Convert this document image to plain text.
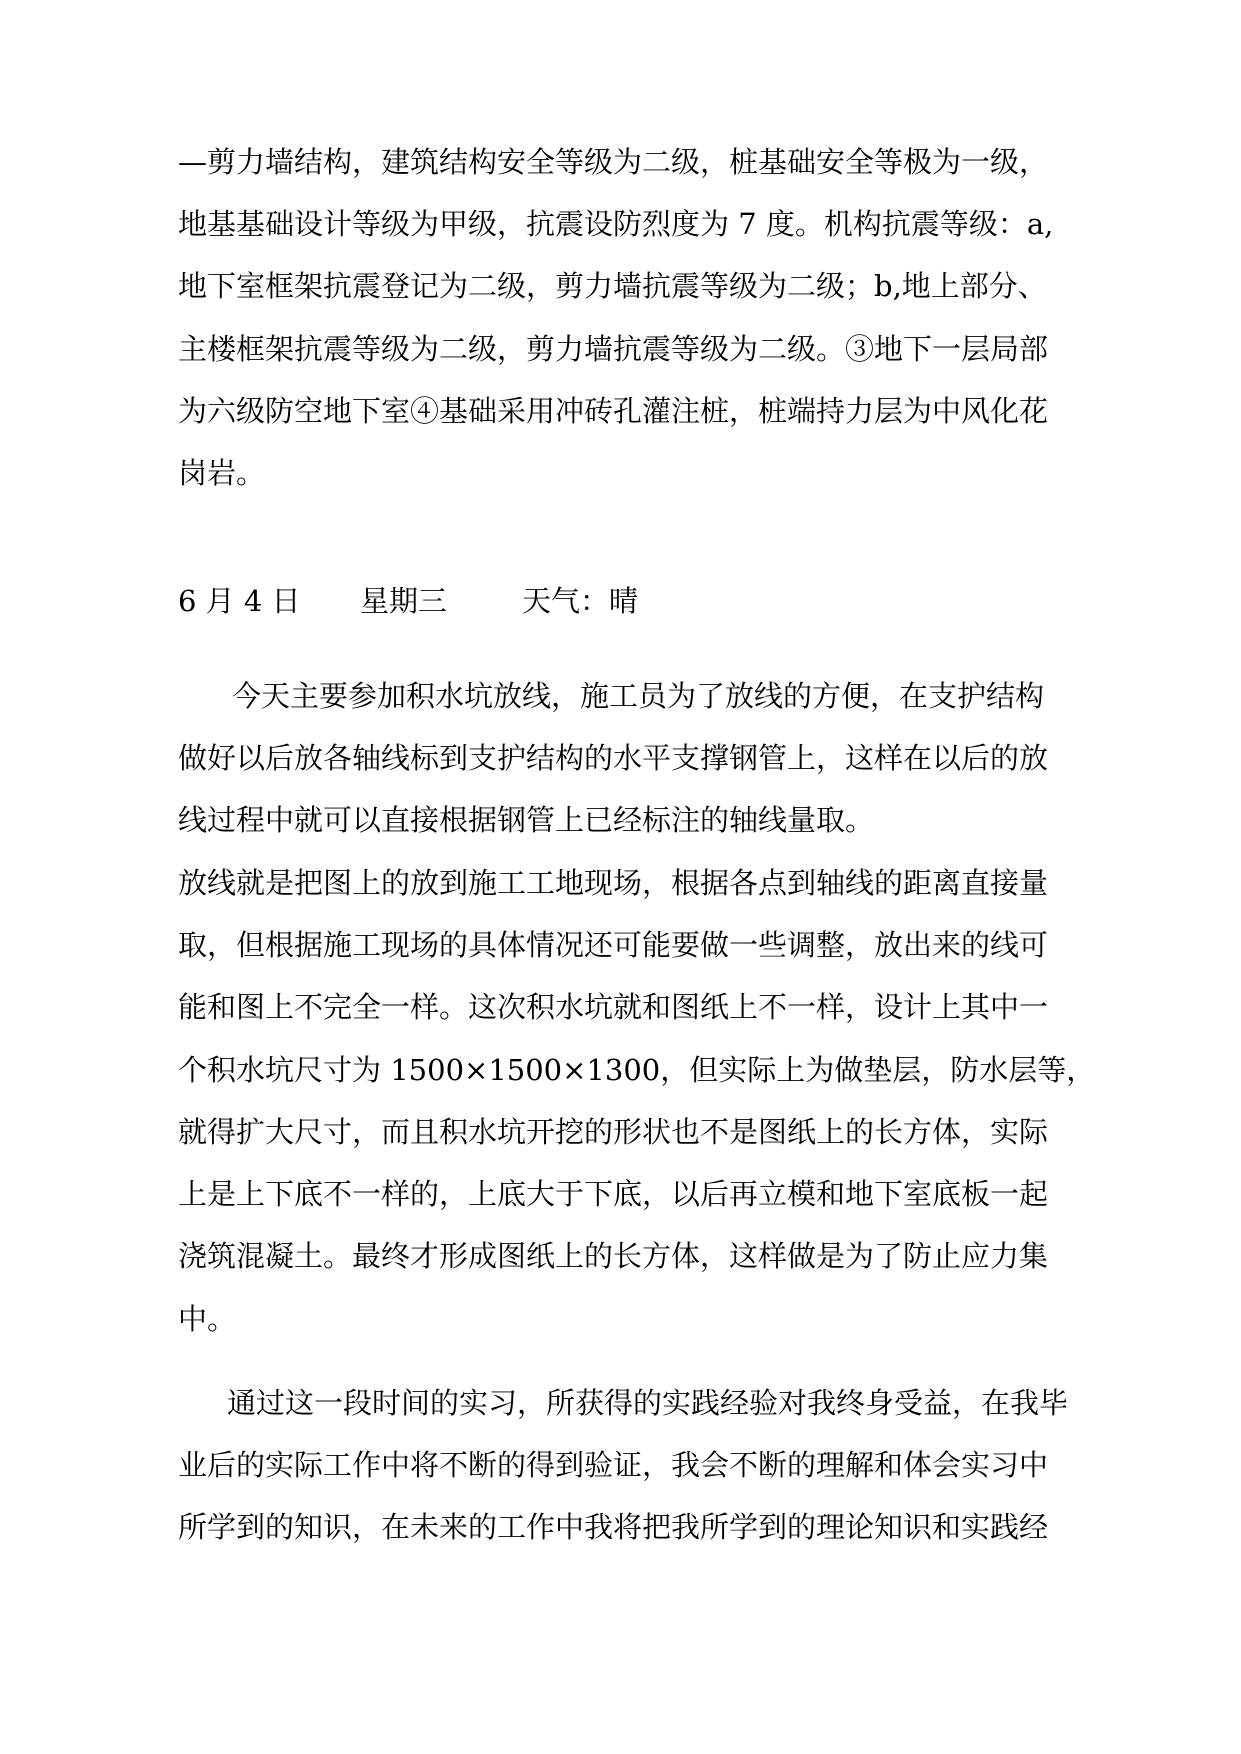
—剪力墙结构，建筑结构安全等级为二级，桩基础安全等极为一级，
地基基础设计等级为甲级，抗震设防烈度为 7 度。机构抗震等级：a,
地下室框架抗震登记为二级，剪力墙抗震等级为二级；b,地上部分、
主楼框架抗震等级为二级，剪力墙抗震等级为二级。③地下一层局部
为六级防空地下室④基础采用冲砖孔灌注桩，桩端持力层为中风化花
岗岩。
6 月 4 日 星期三	天气：晴
今天主要参加积水坑放线，施工员为了放线的方便，在支护结构
做好以后放各轴线标到支护结构的水平支撑钢管上，这样在以后的放
线过程中就可以直接根据钢管上已经标注的轴线量取。
放线就是把图上的放到施工工地现场，根据各点到轴线的距离直接量
取，但根据施工现场的具体情况还可能要做一些调整，放出来的线可
能和图上不完全一样。这次积水坑就和图纸上不一样，设计上其中一
个积水坑尺寸为 1500×1500×1300，但实际上为做垫层，防水层等，
就得扩大尺寸，而且积水坑开挖的形状也不是图纸上的长方体，实际
上是上下底不一样的，上底大于下底，以后再立模和地下室底板一起
浇筑混凝土。最终才形成图纸上的长方体，这样做是为了防止应力集
中。
通过这一段时间的实习，所获得的实践经验对我终身受益，在我毕
业后的实际工作中将不断的得到验证，我会不断的理解和体会实习中
所学到的知识，在未来的工作中我将把我所学到的理论知识和实践经
